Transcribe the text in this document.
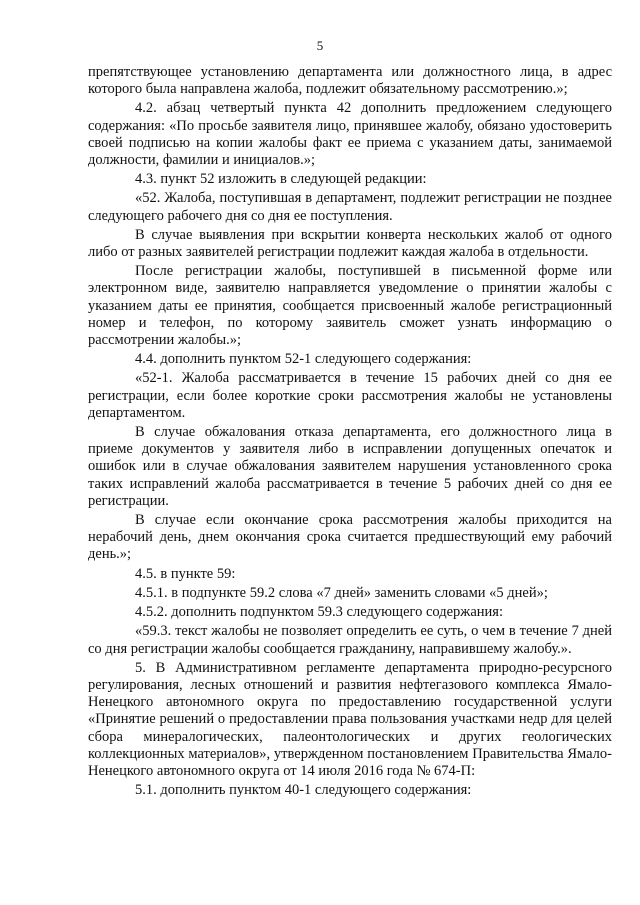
5

препятствующее установлению департамента или должностного лица, в адрес которого была направлена жалоба, подлежит обязательному рассмотрению.»;

4.2. абзац четвертый пункта 42 дополнить предложением следующего содержания: «По просьбе заявителя лицо, принявшее жалобу, обязано удостоверить своей подписью на копии жалобы факт ее приема с указанием даты, занимаемой должности, фамилии и инициалов.»;

4.3. пункт 52 изложить в следующей редакции:

«52. Жалоба, поступившая в департамент, подлежит регистрации не позднее следующего рабочего дня со дня ее поступления.

В случае выявления при вскрытии конверта нескольких жалоб от одного либо от разных заявителей регистрации подлежит каждая жалоба в отдельности.

После регистрации жалобы, поступившей в письменной форме или электронном виде, заявителю направляется уведомление о принятии жалобы с указанием даты ее принятия, сообщается присвоенный жалобе регистрационный номер и телефон, по которому заявитель сможет узнать информацию о рассмотрении жалобы.»;

4.4. дополнить пунктом 52-1 следующего содержания:

«52-1. Жалоба рассматривается в течение 15 рабочих дней со дня ее регистрации, если более короткие сроки рассмотрения жалобы не установлены департаментом.

В случае обжалования отказа департамента, его должностного лица в приеме документов у заявителя либо в исправлении допущенных опечаток и ошибок или в случае обжалования заявителем нарушения установленного срока таких исправлений жалоба рассматривается в течение 5 рабочих дней со дня ее регистрации.

В случае если окончание срока рассмотрения жалобы приходится на нерабочий день, днем окончания срока считается предшествующий ему рабочий день.»;

4.5. в пункте 59:

4.5.1. в подпункте 59.2 слова «7 дней» заменить словами «5 дней»;

4.5.2. дополнить подпунктом 59.3 следующего содержания:

«59.3. текст жалобы не позволяет определить ее суть, о чем в течение 7 дней со дня регистрации жалобы сообщается гражданину, направившему жалобу.».

5. В Административном регламенте департамента природно-ресурсного регулирования, лесных отношений и развития нефтегазового комплекса Ямало-Ненецкого автономного округа по предоставлению государственной услуги «Принятие решений о предоставлении права пользования участками недр для целей сбора минералогических, палеонтологических и других геологических коллекционных материалов», утвержденном постановлением Правительства Ямало-Ненецкого автономного округа от 14 июля 2016 года № 674-П:

5.1. дополнить пунктом 40-1 следующего содержания:
